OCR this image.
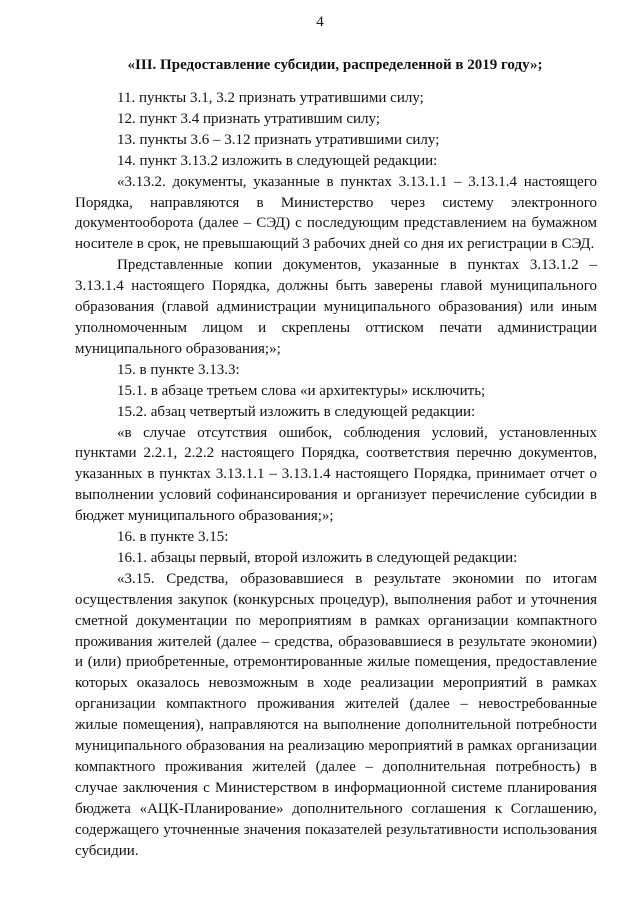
4
«III. Предоставление субсидии, распределенной в 2019 году»;

11. пункты 3.1, 3.2 признать утратившими силу;

12. пункт 3.4 признать утратившим силу;

13. пункты 3.6 – 3.12 признать утратившими силу;

14. пункт 3.13.2 изложить в следующей редакции:

«3.13.2. документы, указанные в пунктах 3.13.1.1 – 3.13.1.4 настоящего Порядка, направляются в Министерство через систему электронного документооборота (далее – СЭД) с последующим представлением на бумажном носителе в срок, не превышающий 3 рабочих дней со дня их регистрации в СЭД.

Представленные копии документов, указанные в пунктах 3.13.1.2 – 3.13.1.4 настоящего Порядка, должны быть заверены главой муниципального образования (главой администрации муниципального образования) или иным уполномоченным лицом и скреплены оттиском печати администрации муниципального образования;»;

15. в пункте 3.13.3:

15.1. в абзаце третьем слова «и архитектуры» исключить;

15.2. абзац четвертый изложить в следующей редакции:

«в случае отсутствия ошибок, соблюдения условий, установленных пунктами 2.2.1, 2.2.2 настоящего Порядка, соответствия перечню документов, указанных в пунктах 3.13.1.1 – 3.13.1.4 настоящего Порядка, принимает отчет о выполнении условий софинансирования и организует перечисление субсидии в бюджет муниципального образования;»;

16. в пункте 3.15:

16.1. абзацы первый, второй изложить в следующей редакции:

«3.15. Средства, образовавшиеся в результате экономии по итогам осуществления закупок (конкурсных процедур), выполнения работ и уточнения сметной документации по мероприятиям в рамках организации компактного проживания жителей (далее – средства, образовавшиеся в результате экономии) и (или) приобретенные, отремонтированные жилые помещения, предоставление которых оказалось невозможным в ходе реализации мероприятий в рамках организации компактного проживания жителей (далее – невостребованные жилые помещения), направляются на выполнение дополнительной потребности муниципального образования на реализацию мероприятий в рамках организации компактного проживания жителей (далее – дополнительная потребность) в случае заключения с Министерством в информационной системе планирования бюджета «АЦК-Планирование» дополнительного соглашения к Соглашению, содержащего уточненные значения показателей результативности использования субсидии.
